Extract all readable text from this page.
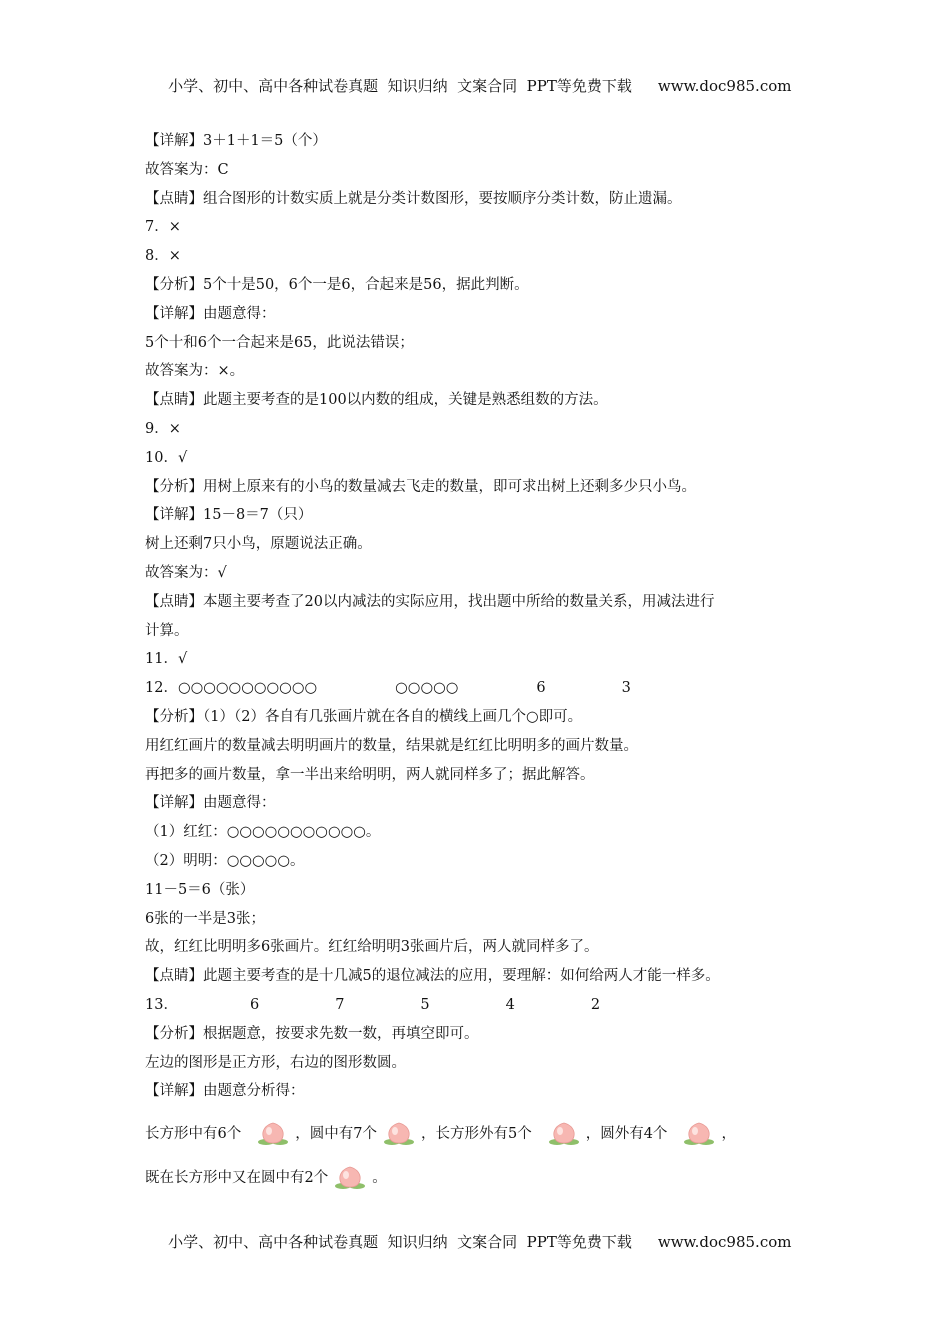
小学、初中、高中各种试卷真题  知识归纳  文案合同  PPT等免费下载 www.doc985.com

【详解】3＋1＋1＝5（个）
故答案为：C
【点睛】组合图形的计数实质上就是分类计数图形，要按顺序分类计数，防止遗漏。
7．×
8．×
【分析】5个十是50，6个一是6，合起来是56，据此判断。
【详解】由题意得：
5个十和6个一合起来是65，此说法错误；
故答案为：×。
【点睛】此题主要考查的是100以内数的组成，关键是熟悉组数的方法。
9．×
10．√
【分析】用树上原来有的小鸟的数量减去飞走的数量，即可求出树上还剩多少只小鸟。
【详解】15－8＝7（只）
树上还剩7只小鸟，原题说法正确。
故答案为：√
【点睛】本题主要考查了20以内减法的实际应用，找出题中所给的数量关系，用减法进行
计算。
11．√
12．○○○○○○○○○○○	○○○○○	6	3
【分析】（1）（2）各自有几张画片就在各自的横线上画几个○即可。
用红红画片的数量减去明明画片的数量，结果就是红红比明明多的画片数量。
再把多的画片数量，拿一半出来给明明，两人就同样多了；据此解答。
【详解】由题意得：
（1）红红：○○○○○○○○○○○。
（2）明明：○○○○○。
11－5＝6（张）
6张的一半是3张；
故，红红比明明多6张画片。红红给明明3张画片后，两人就同样多了。
【点睛】此题主要考查的是十几减5的退位减法的应用，要理解：如何给两人才能一样多。
13．	6	7	5	4	2
【分析】根据题意，按要求先数一数，再填空即可。
左边的图形是正方形，右边的图形数圆。
【详解】由题意分析得：
长方形中有6个	，圆中有7个	，长方形外有5个	，圆外有4个	，
既在长方形中又在圆中有2个	。

小学、初中、高中各种试卷真题  知识归纳  文案合同  PPT等免费下载 www.doc985.com
